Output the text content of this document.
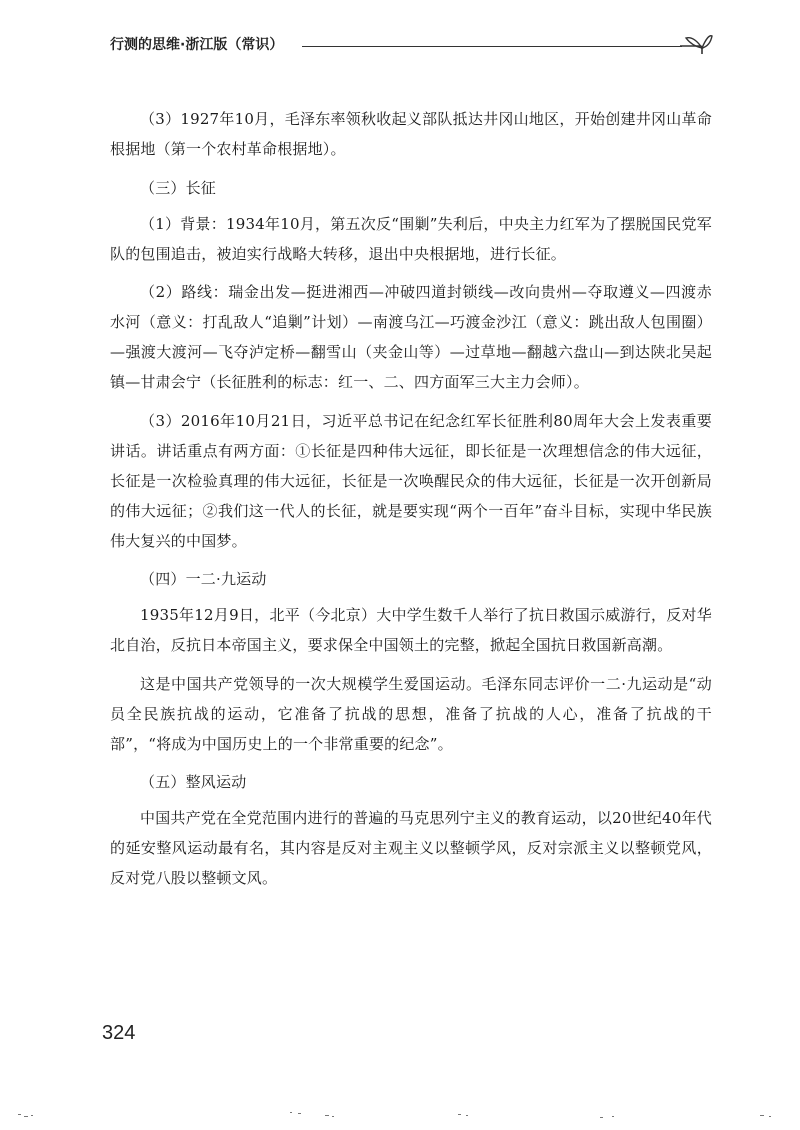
行测的思维·浙江版（常识）

（3）1927年10月，毛泽东率领秋收起义部队抵达井冈山地区，开始创建井冈山革命根据地（第一个农村革命根据地）。

（三）长征

（1）背景：1934年10月，第五次反“围剿”失利后，中央主力红军为了摆脱国民党军队的包围追击，被迫实行战略大转移，退出中央根据地，进行长征。

（2）路线：瑞金出发—挺进湘西—冲破四道封锁线—改向贵州—夺取遵义—四渡赤水河（意义：打乱敌人“追剿”计划）—南渡乌江—巧渡金沙江（意义：跳出敌人包围圈）—强渡大渡河—飞夺泸定桥—翻雪山（夹金山等）—过草地—翻越六盘山—到达陕北吴起镇—甘肃会宁（长征胜利的标志：红一、二、四方面军三大主力会师）。

（3）2016年10月21日，习近平总书记在纪念红军长征胜利80周年大会上发表重要讲话。讲话重点有两方面：①长征是四种伟大远征，即长征是一次理想信念的伟大远征，长征是一次检验真理的伟大远征，长征是一次唤醒民众的伟大远征，长征是一次开创新局的伟大远征；②我们这一代人的长征，就是要实现“两个一百年”奋斗目标，实现中华民族伟大复兴的中国梦。

（四）一二·九运动

1935年12月9日，北平（今北京）大中学生数千人举行了抗日救国示威游行，反对华北自治，反抗日本帝国主义，要求保全中国领土的完整，掀起全国抗日救国新高潮。

这是中国共产党领导的一次大规模学生爱国运动。毛泽东同志评价一二·九运动是“动员全民族抗战的运动，它准备了抗战的思想，准备了抗战的人心，准备了抗战的干部”，“将成为中国历史上的一个非常重要的纪念”。

（五）整风运动

中国共产党在全党范围内进行的普遍的马克思列宁主义的教育运动，以20世纪40年代的延安整风运动最有名，其内容是反对主观主义以整顿学风，反对宗派主义以整顿党风，反对党八股以整顿文风。

324
